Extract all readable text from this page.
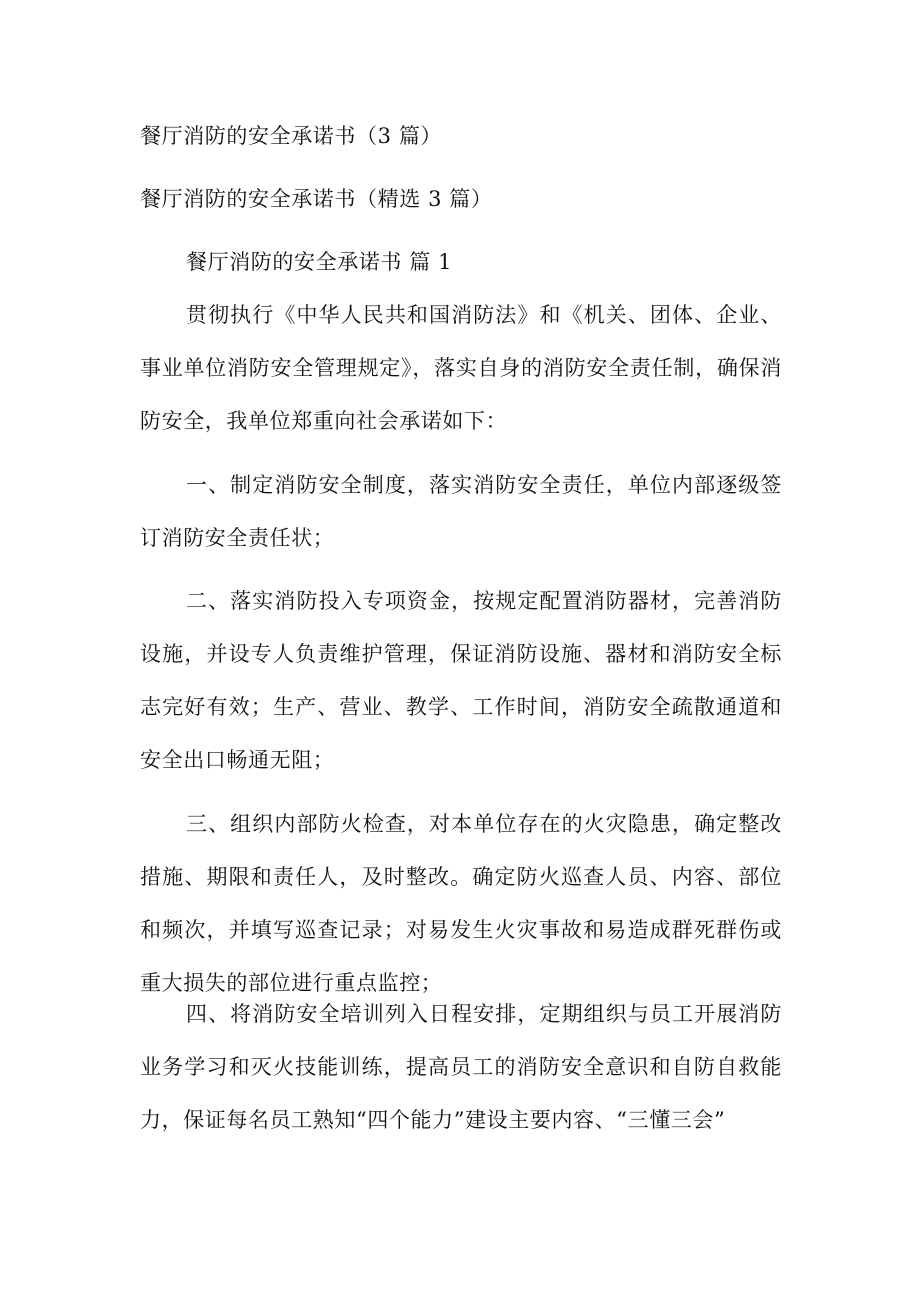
餐厅消防的安全承诺书（3 篇）

餐厅消防的安全承诺书（精选 3 篇）

餐厅消防的安全承诺书 篇 1

贯彻执行《中华人民共和国消防法》和《机关、团体、企业、事业单位消防安全管理规定》，落实自身的消防安全责任制，确保消防安全，我单位郑重向社会承诺如下：

一、制定消防安全制度，落实消防安全责任，单位内部逐级签订消防安全责任状；

二、落实消防投入专项资金，按规定配置消防器材，完善消防设施，并设专人负责维护管理，保证消防设施、器材和消防安全标志完好有效；生产、营业、教学、工作时间，消防安全疏散通道和安全出口畅通无阻；

三、组织内部防火检查，对本单位存在的火灾隐患，确定整改措施、期限和责任人，及时整改。确定防火巡查人员、内容、部位和频次，并填写巡查记录；对易发生火灾事故和易造成群死群伤或重大损失的部位进行重点监控；

四、将消防安全培训列入日程安排，定期组织与员工开展消防业务学习和灭火技能训练，提高员工的消防安全意识和自防自救能力，保证每名员工熟知“四个能力”建设主要内容、“三懂三会”
